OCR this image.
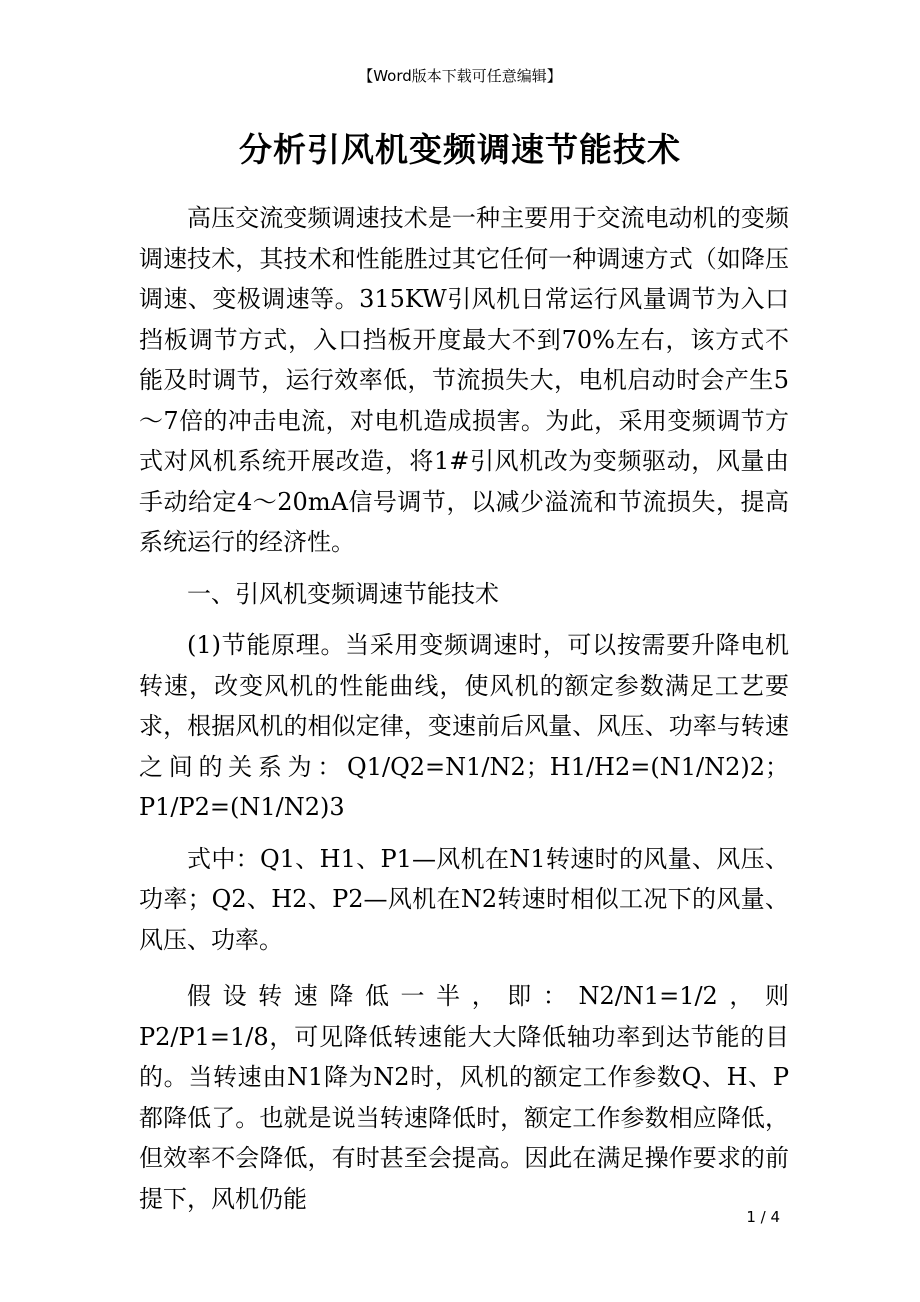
【Word版本下载可任意编辑】
分析引风机变频调速节能技术

高压交流变频调速技术是一种主要用于交流电动机的变频调速技术，其技术和性能胜过其它任何一种调速方式（如降压调速、变极调速等。315KW引风机日常运行风量调节为入口挡板调节方式，入口挡板开度最大不到70%左右，该方式不能及时调节，运行效率低，节流损失大，电机启动时会产生5～7倍的冲击电流，对电机造成损害。为此，采用变频调节方式对风机系统开展改造，将1#引风机改为变频驱动，风量由手动给定4～20mA信号调节，以减少溢流和节流损失，提高系统运行的经济性。

一、引风机变频调速节能技术

(1)节能原理。当采用变频调速时，可以按需要升降电机转速，改变风机的性能曲线，使风机的额定参数满足工艺要求，根据风机的相似定律，变速前后风量、风压、功率与转速之间的关系为：Q1/Q2=N1/N2；H1/H2=(N1/N2)2；P1/P2=(N1/N2)3

式中：Q1、H1、P1—风机在N1转速时的风量、风压、功率；Q2、H2、P2—风机在N2转速时相似工况下的风量、风压、功率。

假设转速降低一半，即：N2/N1=1/2，则P2/P1=1/8，可见降低转速能大大降低轴功率到达节能的目的。当转速由N1降为N2时，风机的额定工作参数Q、H、P都降低了。也就是说当转速降低时，额定工作参数相应降低，但效率不会降低，有时甚至会提高。因此在满足操作要求的前提下，风机仍能

1 / 4
